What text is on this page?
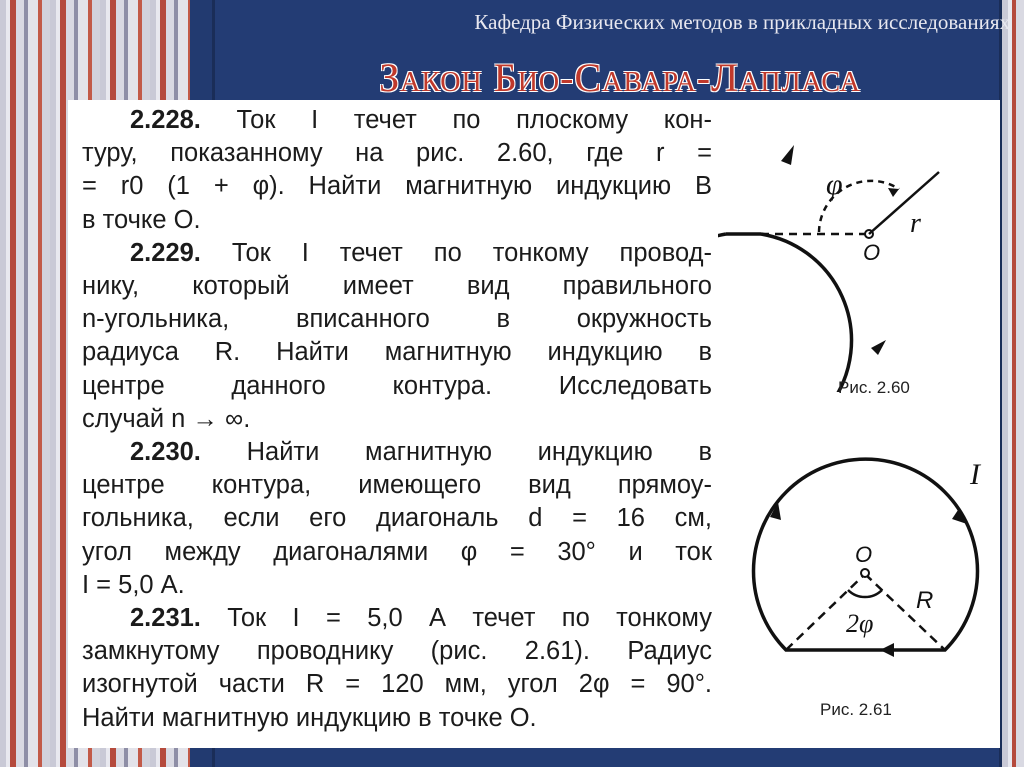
Кафедра Физических методов в прикладных исследованиях
Закон Био-Савара-Лапласа
2.228. Ток I течет по плоскому кон-
туру, показанному на рис. 2.60, где r =
= r0 (1 + φ). Найти магнитную индукцию B
в точке O.
2.229. Ток I течет по тонкому провод-
нику, который имеет вид правильного
n-угольника, вписанного в окружность
радиуса R. Найти магнитную индукцию в
центре данного контура. Исследовать
случай n → ∞.
2.230. Найти магнитную индукцию в
центре контура, имеющего вид прямоу-
гольника, если его диагональ d = 16 см,
угол между диагоналями φ = 30° и ток
I = 5,0 А.
2.231. Ток I = 5,0 А течет по тонкому
замкнутому проводнику (рис. 2.61). Радиус
изогнутой части R = 120 мм, угол 2φ = 90°.
Найти магнитную индукцию в точке O.
φ
r
O
Рис. 2.60
I
O
R
2φ
Рис. 2.61
